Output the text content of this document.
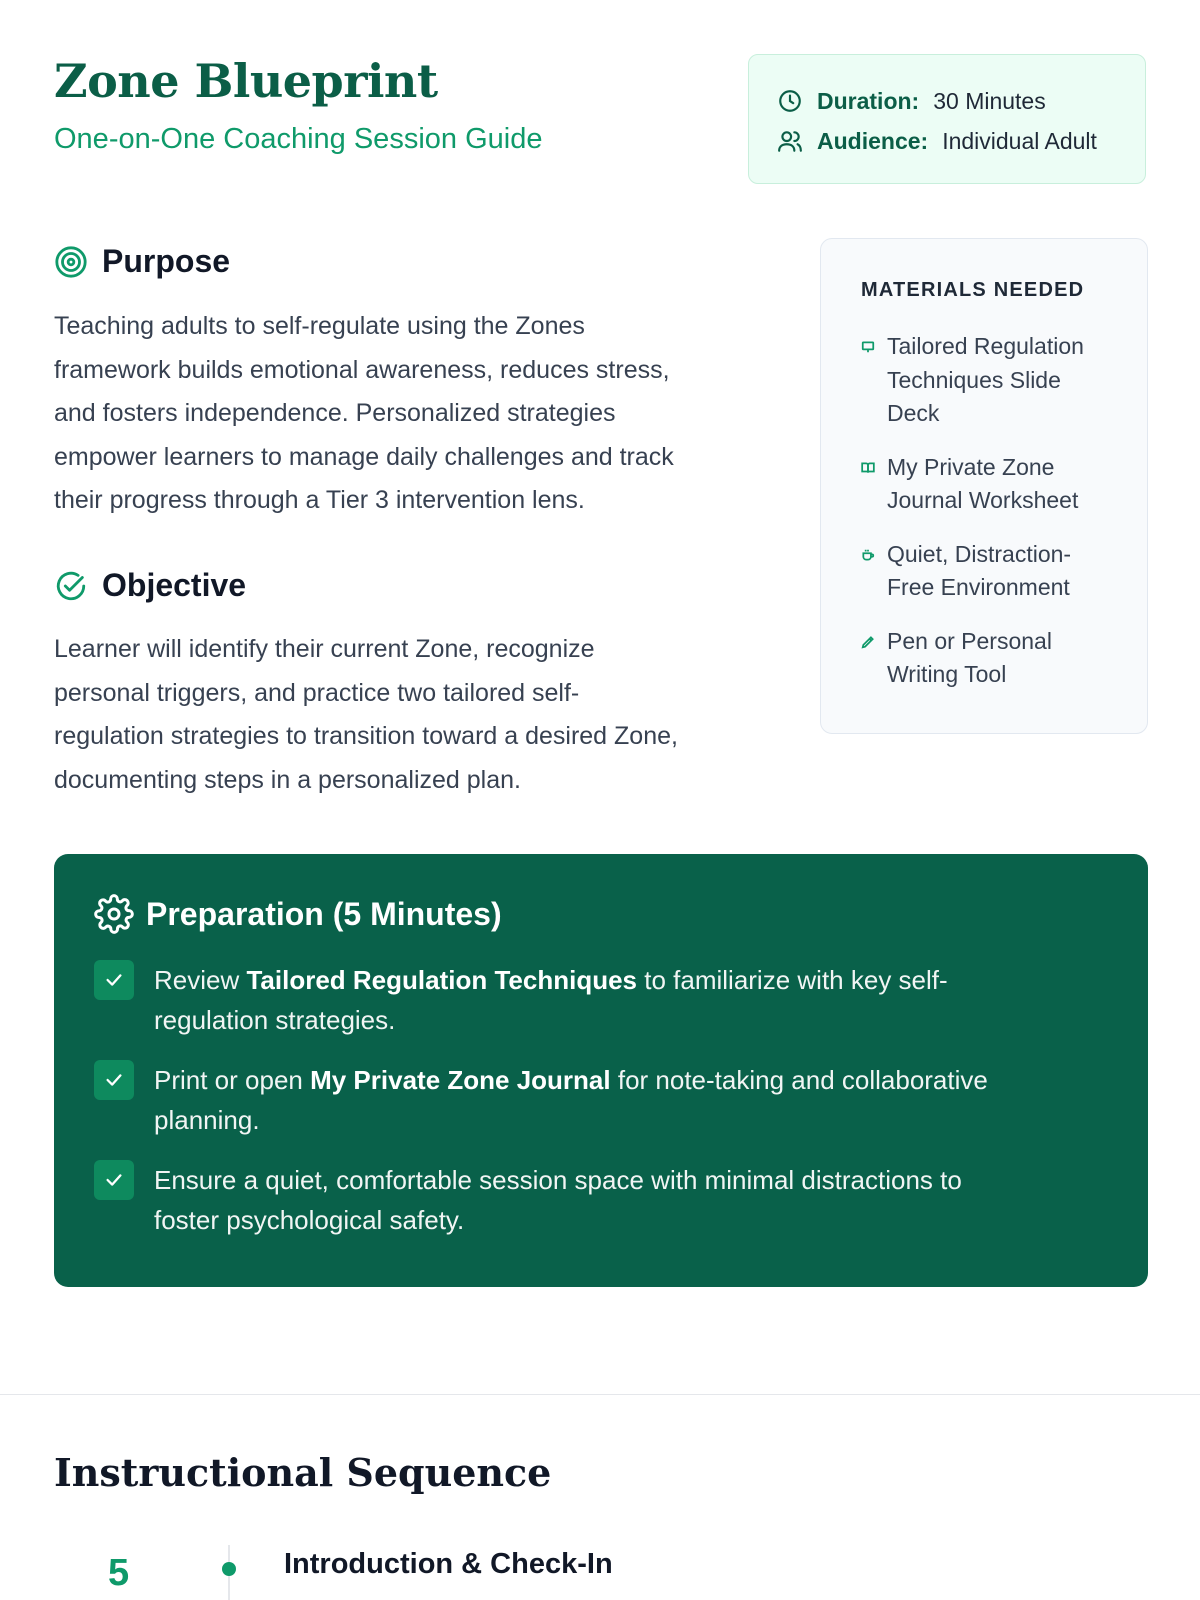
Zone Blueprint
One-on-One Coaching Session Guide
Duration: 30 Minutes
Audience: Individual Adult
Purpose
Teaching adults to self-regulate using the Zones
framework builds emotional awareness, reduces stress,
and fosters independence. Personalized strategies
empower learners to manage daily challenges and track
their progress through a Tier 3 intervention lens.
Objective
Learner will identify their current Zone, recognize
personal triggers, and practice two tailored self-
regulation strategies to transition toward a desired Zone,
documenting steps in a personalized plan.
MATERIALS NEEDED
Tailored Regulation
Techniques Slide
Deck
My Private Zone
Journal Worksheet
Quiet, Distraction-
Free Environment
Pen or Personal
Writing Tool
Preparation (5 Minutes)
Review Tailored Regulation Techniques to familiarize with key self-
regulation strategies.
Print or open My Private Zone Journal for note-taking and collaborative
planning.
Ensure a quiet, comfortable session space with minimal distractions to
foster psychological safety.
Instructional Sequence
5	Introduction & Check-In
